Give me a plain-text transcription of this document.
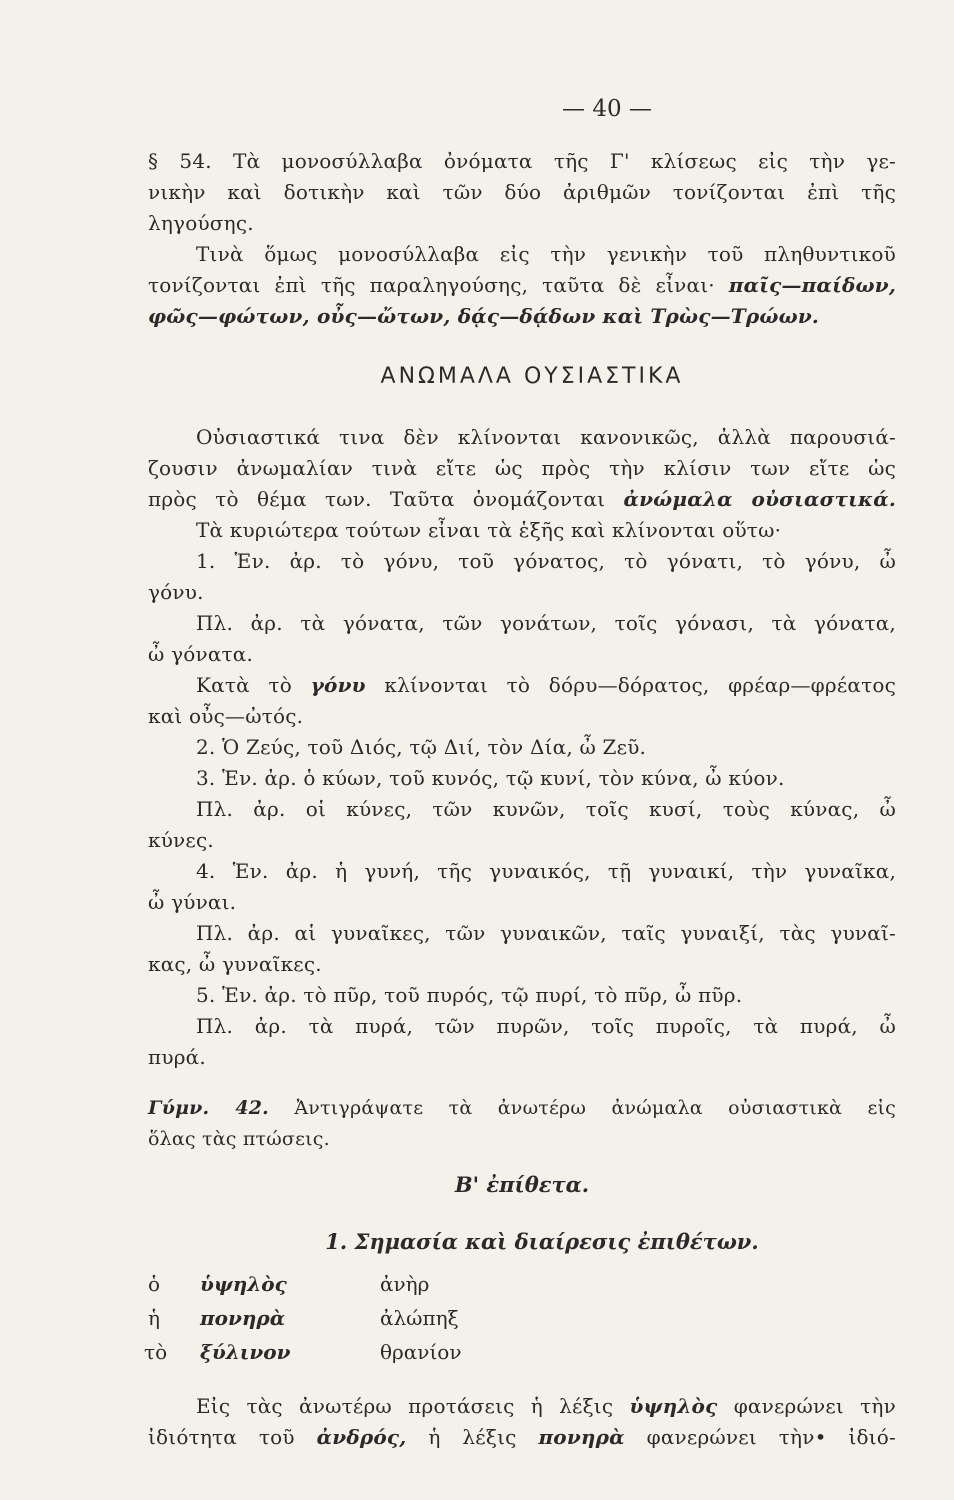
— 40 —
§ 54. Τὰ μονοσύλλαβα ὀνόματα τῆς Γ' κλίσεως εἰς τὴν γε-
νικὴν καὶ δοτικὴν καὶ τῶν δύο ἀριθμῶν τονίζονται ἐπὶ τῆς
ληγούσης.
Τινὰ ὅμως μονοσύλλαβα εἰς τὴν γενικὴν τοῦ πληθυντικοῦ
τονίζονται ἐπὶ τῆς παραληγούσης, ταῦτα δὲ εἶναι· παῖς—παίδων,
φῶς—φώτων, οὖς—ὤτων, δᾴς—δᾴδων καὶ Τρὼς—Τρώων.
ΑΝΩΜΑΛΑ ΟΥΣΙΑΣΤΙΚΑ
Οὐσιαστικά τινα δὲν κλίνονται κανονικῶς, ἀλλὰ παρουσιά-
ζουσιν ἀνωμαλίαν τινὰ εἴτε ὡς πρὸς τὴν κλίσιν των εἴτε ὡς
πρὸς τὸ θέμα των. Ταῦτα ὀνομάζονται ἀνώμαλα οὐσιαστικά.
Τὰ κυριώτερα τούτων εἶναι τὰ ἑξῆς καὶ κλίνονται οὕτω·
1. Ἑν. ἀρ. τὸ γόνυ, τοῦ γόνατος, τὸ γόνατι, τὸ γόνυ, ὦ
γόνυ.
Πλ. ἀρ. τὰ γόνατα, τῶν γονάτων, τοῖς γόνασι, τὰ γόνατα,
ὦ γόνατα.
Κατὰ τὸ γόνυ κλίνονται τὸ δόρυ—δόρατος, φρέαρ—φρέατος
καὶ οὖς—ὠτός.
2. Ὁ Ζεύς, τοῦ Διός, τῷ Διί, τὸν Δία, ὦ Ζεῦ.
3. Ἑν. ἀρ. ὁ κύων, τοῦ κυνός, τῷ κυνί, τὸν κύνα, ὦ κύον.
Πλ. ἀρ. οἱ κύνες, τῶν κυνῶν, τοῖς κυσί, τοὺς κύνας, ὦ
κύνες.
4. Ἑν. ἀρ. ἡ γυνή, τῆς γυναικός, τῇ γυναικί, τὴν γυναῖκα,
ὦ γύναι.
Πλ. ἀρ. αἱ γυναῖκες, τῶν γυναικῶν, ταῖς γυναιξί, τὰς γυναῖ-
κας, ὦ γυναῖκες.
5. Ἑν. ἀρ. τὸ πῦρ, τοῦ πυρός, τῷ πυρί, τὸ πῦρ, ὦ πῦρ.
Πλ. ἀρ. τὰ πυρά, τῶν πυρῶν, τοῖς πυροῖς, τὰ πυρά, ὦ
πυρά.
Γύμν. 42. Ἀντιγράψατε τὰ ἀνωτέρω ἀνώμαλα οὐσιαστικὰ εἰς
ὅλας τὰς πτώσεις.
Β' ἐπίθετα.
1. Σημασία καὶ διαίρεσις ἐπιθέτων.
ὁ ὑψηλὸς	ἀνὴρ
ἡ πονηρὰ	ἀλώπηξ
τὸ ξύλινον	θρανίον
Εἰς τὰς ἀνωτέρω προτάσεις ἡ λέξις ὑψηλὸς φανερώνει τὴν
ἰδιότητα τοῦ ἀνδρός, ἡ λέξις πονηρὰ φανερώνει τὴν• ἰδιό-
